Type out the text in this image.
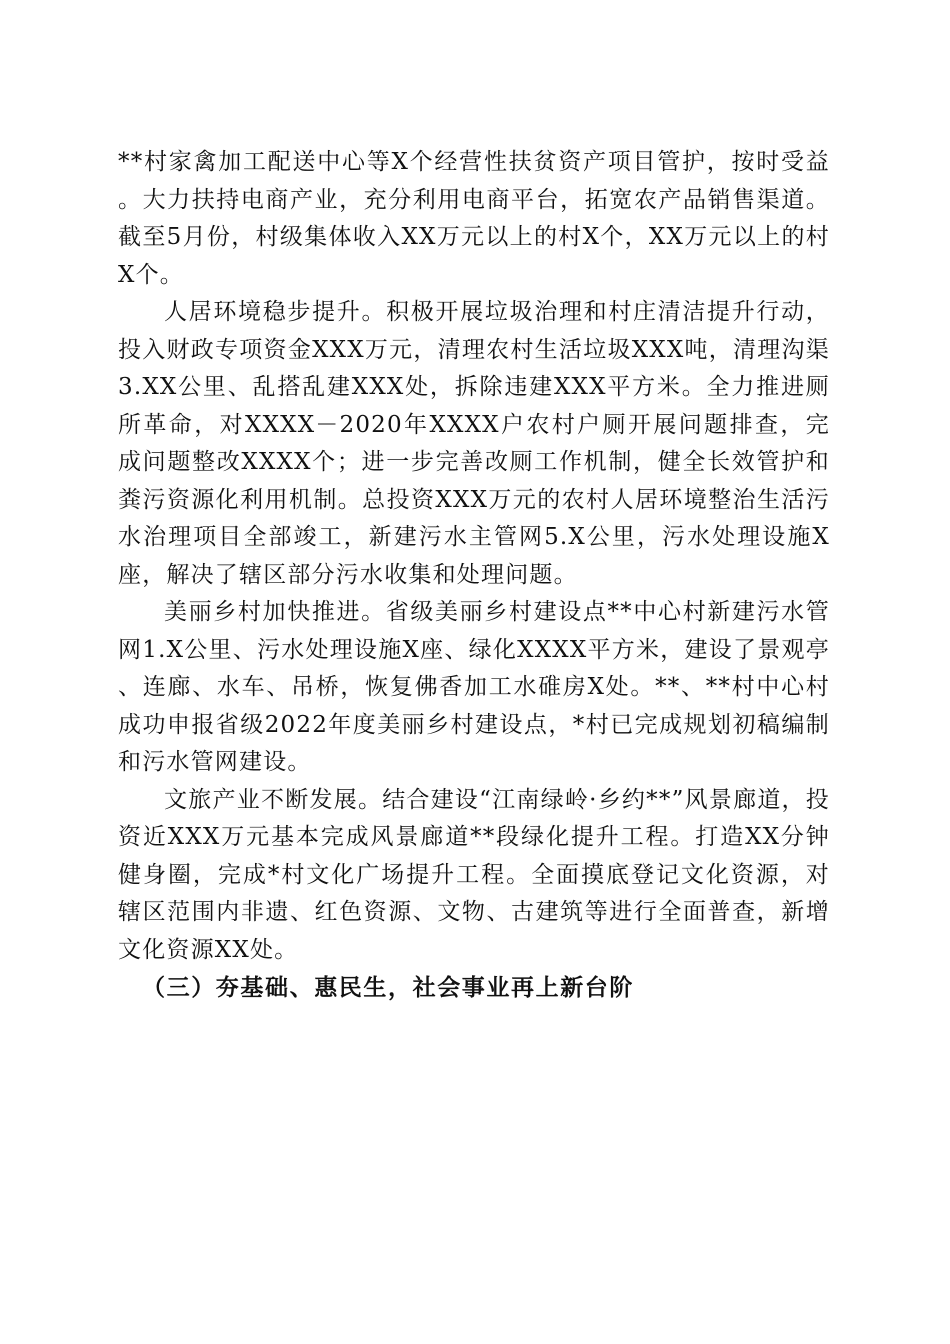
**村家禽加工配送中心等X个经营性扶贫资产项目管护，按时受益。大力扶持电商产业，充分利用电商平台，拓宽农产品销售渠道。截至5月份，村级集体收入XX万元以上的村X个，XX万元以上的村X个。

人居环境稳步提升。积极开展垃圾治理和村庄清洁提升行动，投入财政专项资金XXX万元，清理农村生活垃圾XXX吨，清理沟渠3.XX公里、乱搭乱建XXX处，拆除违建XXX平方米。全力推进厕所革命，对XXXX－2020年XXXX户农村户厕开展问题排查，完成问题整改XXXX个；进一步完善改厕工作机制，健全长效管护和粪污资源化利用机制。总投资XXX万元的农村人居环境整治生活污水治理项目全部竣工，新建污水主管网5.X公里，污水处理设施X座，解决了辖区部分污水收集和处理问题。

美丽乡村加快推进。省级美丽乡村建设点**中心村新建污水管网1.X公里、污水处理设施X座、绿化XXXX平方米，建设了景观亭、连廊、水车、吊桥，恢复佛香加工水碓房X处。**、**村中心村成功申报省级2022年度美丽乡村建设点，*村已完成规划初稿编制和污水管网建设。

文旅产业不断发展。结合建设“江南绿岭·乡约**”风景廊道，投资近XXX万元基本完成风景廊道**段绿化提升工程。打造XX分钟健身圈，完成*村文化广场提升工程。全面摸底登记文化资源，对辖区范围内非遗、红色资源、文物、古建筑等进行全面普查，新增文化资源XX处。

（三）夯基础、惠民生，社会事业再上新台阶
